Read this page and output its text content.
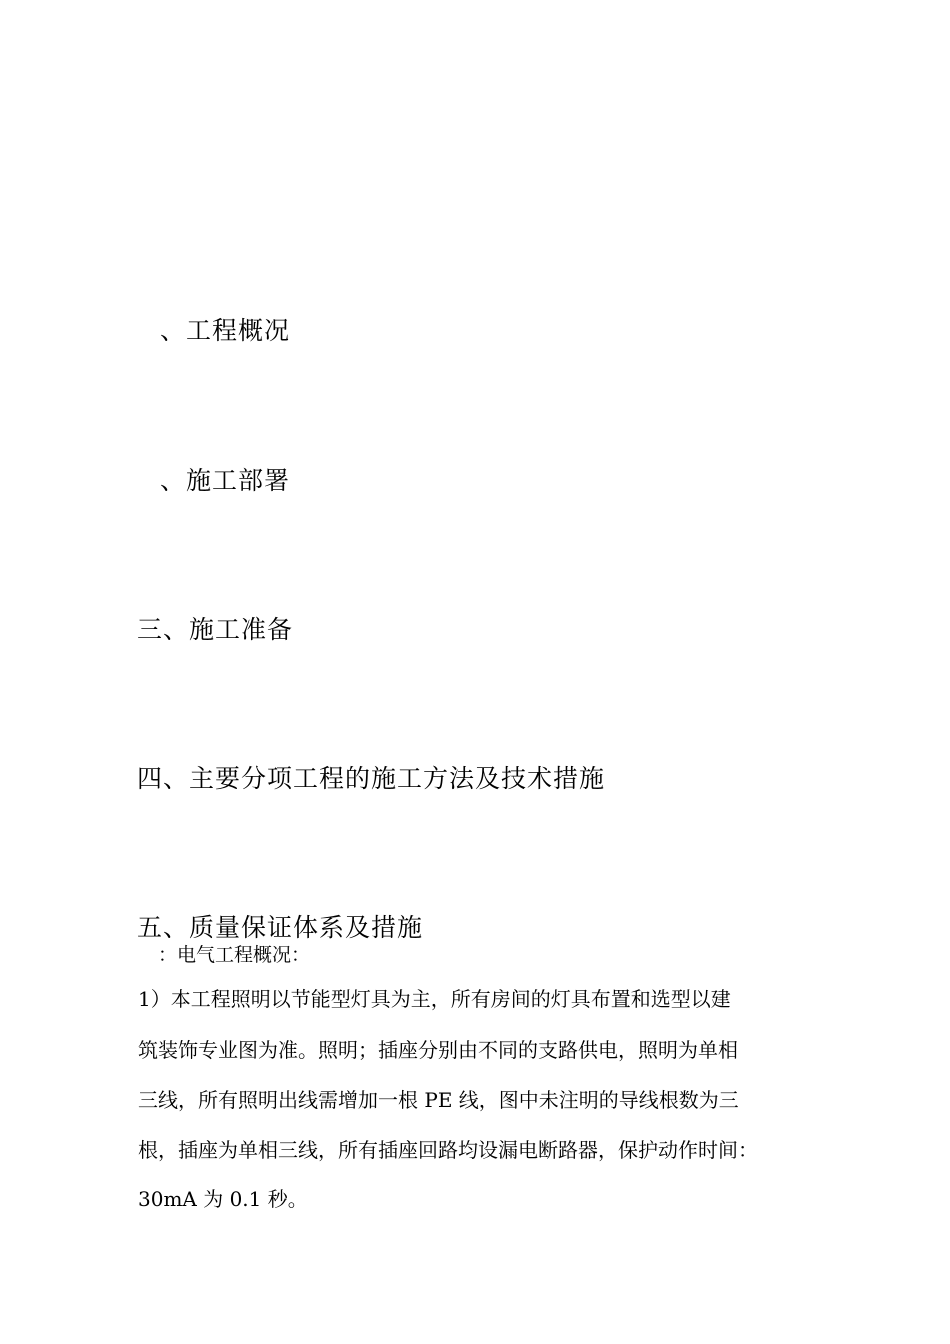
、工程概况
、施工部署
三、施工准备
四、主要分项工程的施工方法及技术措施
五、质量保证体系及措施
：电气工程概况：
1）本工程照明以节能型灯具为主，所有房间的灯具布置和选型以建
筑装饰专业图为准。照明；插座分别由不同的支路供电，照明为单相
三线，所有照明出线需增加一根 PE 线，图中未注明的导线根数为三
根，插座为单相三线，所有插座回路均设漏电断路器，保护动作时间：
30mA 为 0.1 秒。
